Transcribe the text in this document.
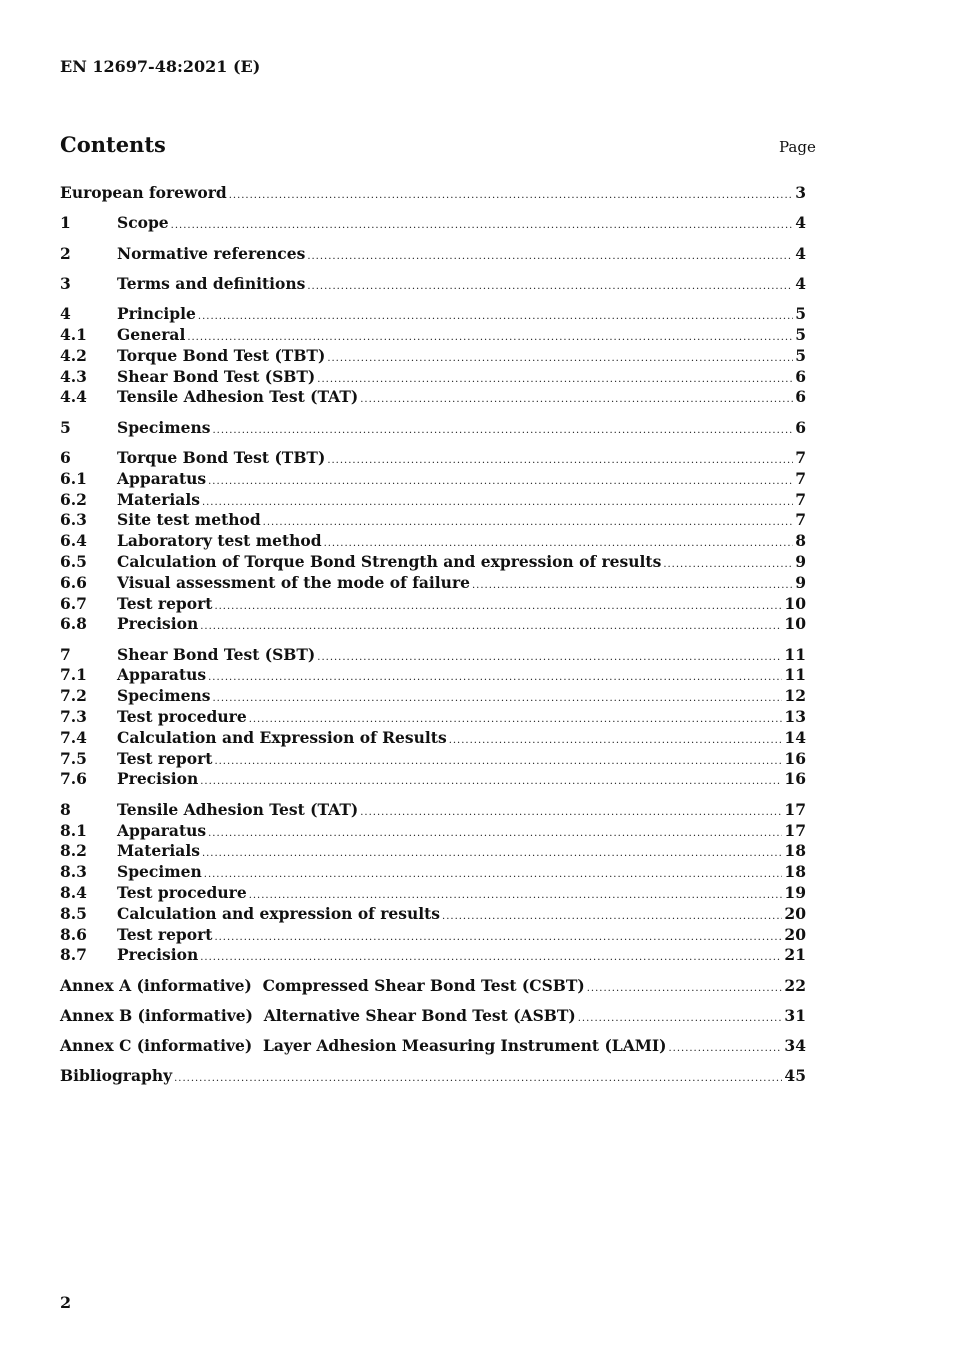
EN 12697-48:2021 (E)
Contents	Page
European foreword .....	3
1	Scope .....	4
2	Normative references .....	4
3	Terms and definitions .....	4
4	Principle .....	5
4.1	General .....	5
4.2	Torque Bond Test (TBT) .....	5
4.3	Shear Bond Test (SBT) .....	6
4.4	Tensile Adhesion Test (TAT) .....	6
5	Specimens .....	6
6	Torque Bond Test (TBT) .....	7
6.1	Apparatus .....	7
6.2	Materials .....	7
6.3	Site test method .....	7
6.4	Laboratory test method .....	8
6.5	Calculation of Torque Bond Strength and expression of results .....	9
6.6	Visual assessment of the mode of failure .....	9
6.7	Test report .....	10
6.8	Precision .....	10
7	Shear Bond Test (SBT) .....	11
7.1	Apparatus .....	11
7.2	Specimens .....	12
7.3	Test procedure .....	13
7.4	Calculation and Expression of Results .....	14
7.5	Test report .....	16
7.6	Precision .....	16
8	Tensile Adhesion Test (TAT) .....	17
8.1	Apparatus .....	17
8.2	Materials .....	18
8.3	Specimen .....	18
8.4	Test procedure .....	19
8.5	Calculation and expression of results .....	20
8.6	Test report .....	20
8.7	Precision .....	21
Annex A (informative)  Compressed Shear Bond Test (CSBT) .....	22
Annex B (informative)  Alternative Shear Bond Test (ASBT) .....	31
Annex C (informative)  Layer Adhesion Measuring Instrument (LAMI) .....	34
Bibliography .....	45
2
